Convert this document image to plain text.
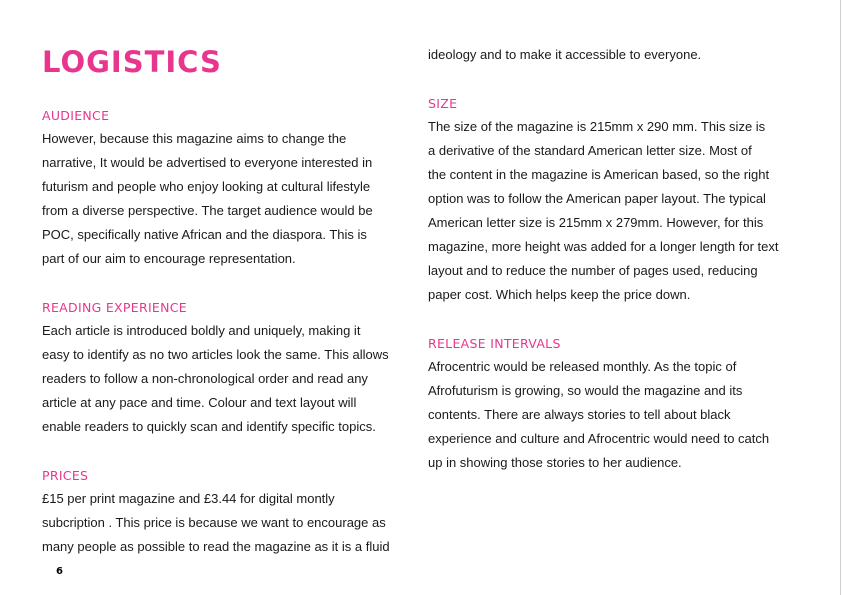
LOGISTICS
AUDIENCE
However, because this magazine aims to change the
narrative, It would be advertised to everyone interested in
futurism and people who enjoy looking at cultural lifestyle
from a diverse perspective. The target audience would be
POC, specifically native African and the diaspora. This is
part of our aim to encourage representation.
READING EXPERIENCE
Each article is introduced boldly and uniquely, making it
easy to identify as no two articles look the same. This allows
readers to follow a non-chronological order and read any
article at any pace and time. Colour and text layout will
enable readers to quickly scan and identify specific topics.
PRICES
£15 per print magazine and £3.44 for digital montly
subcription . This price is because we want to encourage as
many people as possible to read the magazine as it is a fluid
6
ideology and to make it accessible to everyone.
SIZE
The size of the magazine is 215mm x 290 mm. This size is
a derivative of the standard American letter size. Most of
the content in the magazine is American based, so the right
option was to follow the American paper layout. The typical
American letter size is 215mm x 279mm. However, for this
magazine, more height was added for a longer length for text
layout and to reduce the number of pages used, reducing
paper cost. Which helps keep the price down.
RELEASE INTERVALS
Afrocentric would be released monthly. As the topic of
Afrofuturism is growing, so would the magazine and its
contents. There are always stories to tell about black
experience and culture and Afrocentric would need to catch
up in showing those stories to her audience.
